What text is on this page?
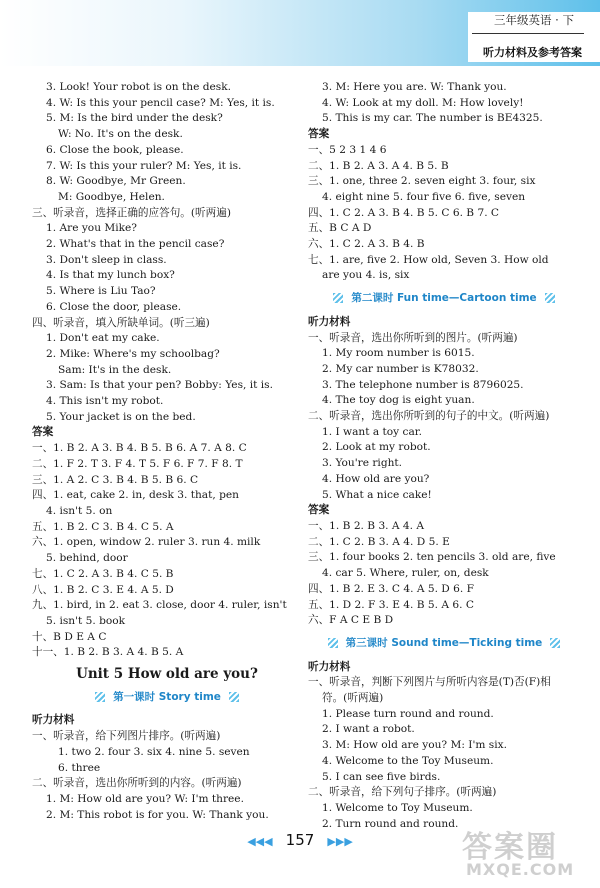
三年级英语 · 下
听力材料及参考答案
3. Look! Your robot is on the desk.
4. W: Is this your pencil case? M: Yes, it is.
5. M: Is the bird under the desk?
W: No. It's on the desk.
6. Close the book, please.
7. W: Is this your ruler? M: Yes, it is.
8. W: Goodbye, Mr Green.
M: Goodbye, Helen.
三、听录音，选择正确的应答句。(听两遍)
1. Are you Mike?
2. What's that in the pencil case?
3. Don't sleep in class.
4. Is that my lunch box?
5. Where is Liu Tao?
6. Close the door, please.
四、听录音，填入所缺单词。(听三遍)
1. Don't eat my cake.
2. Mike: Where's my schoolbag?
Sam: It's in the desk.
3. Sam: Is that your pen? Bobby: Yes, it is.
4. This isn't my robot.
5. Your jacket is on the bed.
答案
一、1. B 2. A 3. B 4. B 5. B 6. A 7. A 8. C
二、1. F 2. T 3. F 4. T 5. F 6. F 7. F 8. T
三、1. A 2. C 3. B 4. B 5. B 6. C
四、1. eat, cake 2. in, desk 3. that, pen
4. isn't 5. on
五、1. B 2. C 3. B 4. C 5. A
六、1. open, window 2. ruler 3. run 4. milk
5. behind, door
七、1. C 2. A 3. B 4. C 5. B
八、1. B 2. C 3. E 4. A 5. D
九、1. bird, in 2. eat 3. close, door 4. ruler, isn't
5. isn't 5. book
十、B D E A C
十一、1. B 2. B 3. A 4. B 5. A
Unit 5 How old are you?
第一课时 Story time
听力材料
一、听录音，给下列图片排序。(听两遍)
1. two 2. four 3. six 4. nine 5. seven
6. three
二、听录音，选出你所听到的内容。(听两遍)
1. M: How old are you? W: I'm three.
2. M: This robot is for you. W: Thank you.
3. M: Here you are. W: Thank you.
4. W: Look at my doll. M: How lovely!
5. This is my car. The number is BE4325.
答案
一、5 2 3 1 4 6
二、1. B 2. A 3. A 4. B 5. B
三、1. one, three 2. seven eight 3. four, six
4. eight nine 5. four five 6. five, seven
四、1. C 2. A 3. B 4. B 5. C 6. B 7. C
五、B C A D
六、1. C 2. A 3. B 4. B
七、1. are, five 2. How old, Seven 3. How old
are you 4. is, six
第二课时 Fun time—Cartoon time
听力材料
一、听录音，选出你所听到的图片。(听两遍)
1. My room number is 6015.
2. My car number is K78032.
3. The telephone number is 8796025.
4. The toy dog is eight yuan.
二、听录音，选出你所听到的句子的中文。(听两遍)
1. I want a toy car.
2. Look at my robot.
3. You're right.
4. How old are you?
5. What a nice cake!
答案
一、1. B 2. B 3. A 4. A
二、1. C 2. B 3. A 4. D 5. E
三、1. four books 2. ten pencils 3. old are, five
4. car 5. Where, ruler, on, desk
四、1. B 2. E 3. C 4. A 5. D 6. F
五、1. D 2. F 3. E 4. B 5. A 6. C
六、F A C E B D
第三课时 Sound time—Ticking time
听力材料
一、听录音，判断下列图片与所听内容是(T)否(F)相
符。(听两遍)
1. Please turn round and round.
2. I want a robot.
3. M: How old are you? M: I'm six.
4. Welcome to the Toy Museum.
5. I can see five birds.
二、听录音，给下列句子排序。(听两遍)
1. Welcome to Toy Museum.
2. Turn round and round.
◀◀◀ 157 ▶▶▶	答案圈
MXQE.COM
